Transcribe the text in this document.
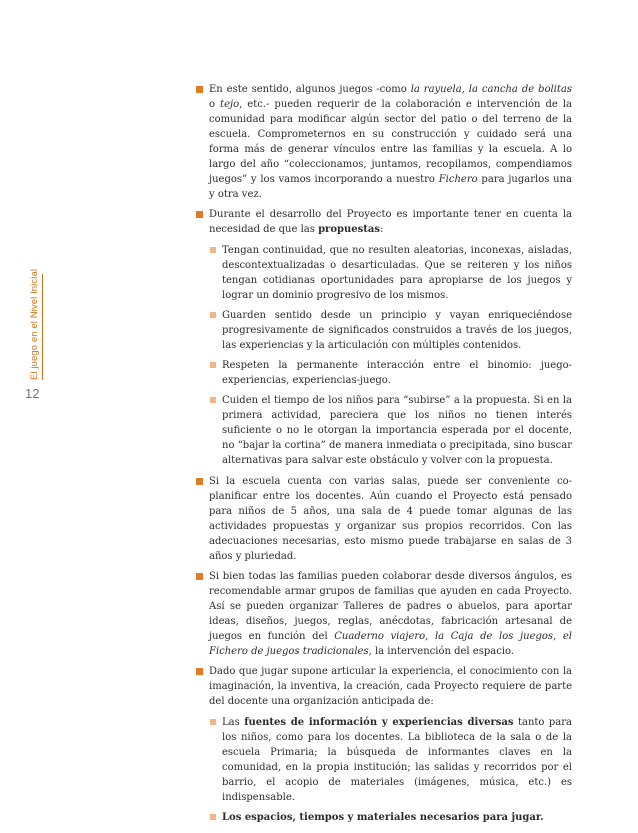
El juego en el Nivel Inicial
12

En este sentido, algunos juegos -como la rayuela, la cancha de bolitas o tejo, etc.- pueden requerir de la colaboración e intervención de la comunidad para modificar algún sector del patio o del terreno de la escuela. Comprometernos en su construcción y cuidado será una forma más de generar vínculos entre las familias y la escuela. A lo largo del año “coleccionamos, juntamos, recopilamos, compendiamos juegos” y los vamos incorporando a nuestro Fichero para jugarlos una y otra vez.

Durante el desarrollo del Proyecto es importante tener en cuenta la necesidad de que las propuestas:

Tengan continuidad, que no resulten aleatorias, inconexas, aisladas, descontextualizadas o desarticuladas. Que se reiteren y los niños tengan cotidianas oportunidades para apropiarse de los juegos y lograr un dominio progresivo de los mismos.

Guarden sentido desde un principio y vayan enriqueciéndose progresivamente de significados construidos a través de los juegos, las experiencias y la articulación con múltiples contenidos.

Respeten la permanente interacción entre el binomio: juego-experiencias, experiencias-juego.

Cuiden el tiempo de los niños para “subirse” a la propuesta. Si en la primera actividad, pareciera que los niños no tienen interés suficiente o no le otorgan la importancia esperada por el docente, no “bajar la cortina” de manera inmediata o precipitada, sino buscar alternativas para salvar este obstáculo y volver con la propuesta.

Si la escuela cuenta con varias salas, puede ser conveniente co-planificar entre los docentes. Aún cuando el Proyecto está pensado para niños de 5 años, una sala de 4 puede tomar algunas de las actividades propuestas y organizar sus propios recorridos. Con las adecuaciones necesarias, esto mismo puede trabajarse en salas de 3 años y pluriedad.

Si bien todas las familias pueden colaborar desde diversos ángulos, es recomendable armar grupos de familias que ayuden en cada Proyecto. Así se pueden organizar Talleres de padres o abuelos, para aportar ideas, diseños, juegos, reglas, anécdotas, fabricación artesanal de juegos en función del Cuaderno viajero, la Caja de los juegos, el Fichero de juegos tradicionales, la intervención del espacio.

Dado que jugar supone articular la experiencia, el conocimiento con la imaginación, la inventiva, la creación, cada Proyecto requiere de parte del docente una organización anticipada de:

Las fuentes de información y experiencias diversas tanto para los niños, como para los docentes. La biblioteca de la sala o de la escuela Primaria; la búsqueda de informantes claves en la comunidad, en la propia institución; las salidas y recorridos por el barrio, el acopio de materiales (imágenes, música, etc.) es indispensable.

Los espacios, tiempos y materiales necesarios para jugar.
